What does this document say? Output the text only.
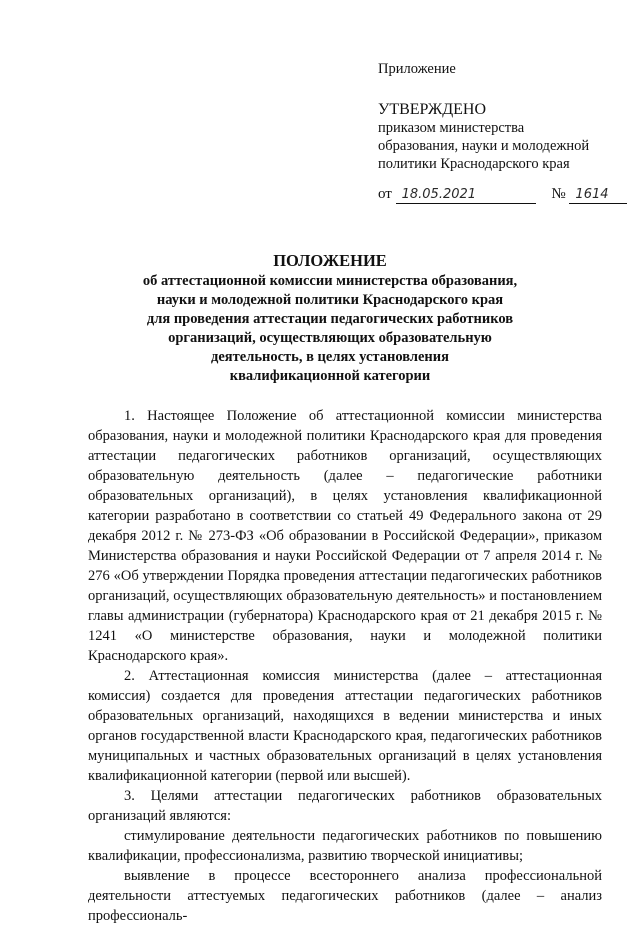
Приложение
УТВЕРЖДЕНО
приказом министерства
образования, науки и молодежной
политики Краснодарского края
от 18.05.2021	№ 1614
ПОЛОЖЕНИЕ
об аттестационной комиссии министерства образования,
науки и молодежной политики Краснодарского края
для проведения аттестации педагогических работников
организаций, осуществляющих образовательную
деятельность, в целях установления
квалификационной категории

1. Настоящее Положение об аттестационной комиссии министерства образования, науки и молодежной политики Краснодарского края для проведения аттестации педагогических работников организаций, осуществляющих образовательную деятельность (далее – педагогические работники образовательных организаций), в целях установления квалификационной категории разработано в соответствии со статьей 49 Федерального закона от 29 декабря 2012 г. № 273-ФЗ «Об образовании в Российской Федерации», приказом Министерства образования и науки Российской Федерации от 7 апреля 2014 г. № 276 «Об утверждении Порядка проведения аттестации педагогических работников организаций, осуществляющих образовательную деятельность» и постановлением главы администрации (губернатора) Краснодарского края от 21 декабря 2015 г. № 1241 «О министерстве образования, науки и молодежной политики Краснодарского края».

2. Аттестационная комиссия министерства (далее – аттестационная комиссия) создается для проведения аттестации педагогических работников образовательных организаций, находящихся в ведении министерства и иных органов государственной власти Краснодарского края, педагогических работников муниципальных и частных образовательных организаций в целях установления квалификационной категории (первой или высшей).

3. Целями аттестации педагогических работников образовательных организаций являются:

стимулирование деятельности педагогических работников по повышению квалификации, профессионализма, развитию творческой инициативы;

выявление в процессе всестороннего анализа профессиональной деятельности аттестуемых педагогических работников (далее – анализ профессиональ-
